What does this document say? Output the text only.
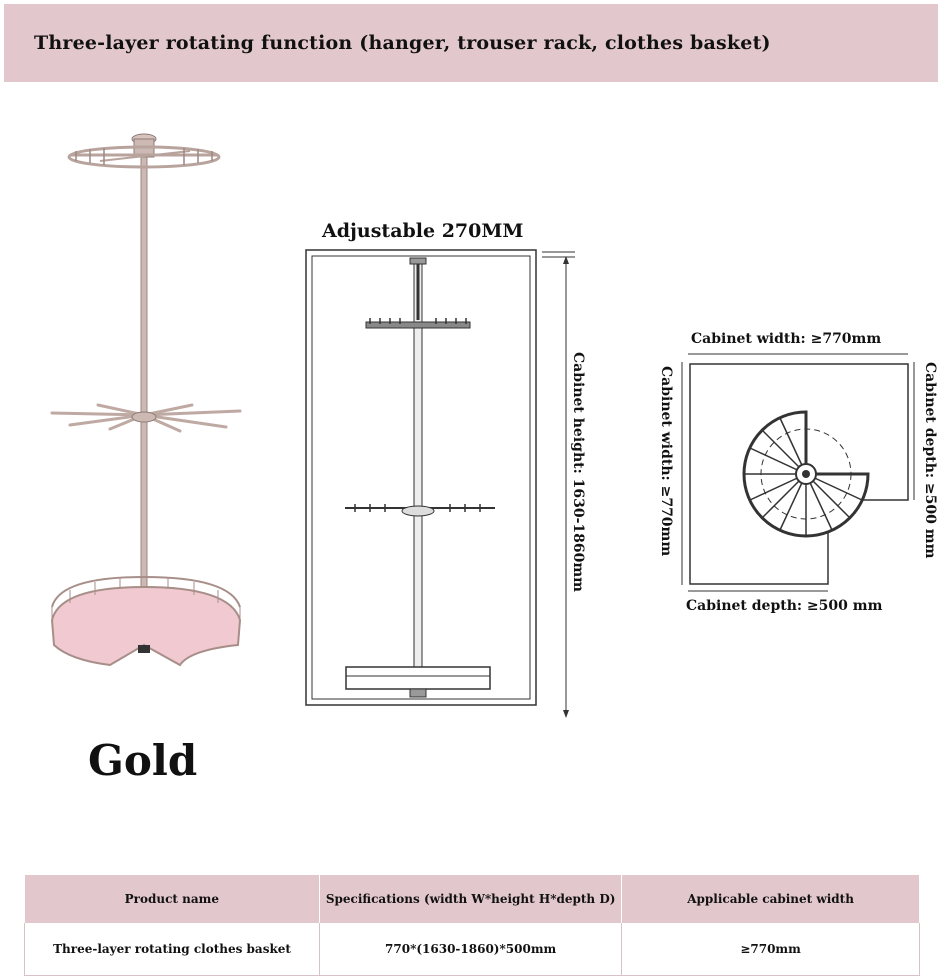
Three-layer rotating function (hanger, trouser rack, clothes basket)
Gold
Adjustable 270MM
Cabinet height: 1630-1860mm
Cabinet width: ≥770mm
Cabinet depth: ≥500 mm
Cabinet width: ≥770mm	Cabinet depth: ≥500 mm
Product name	Specifications (width W*height H*depth D)	Applicable cabinet width
Three-layer rotating clothes basket	770*(1630-1860)*500mm	≥770mm
